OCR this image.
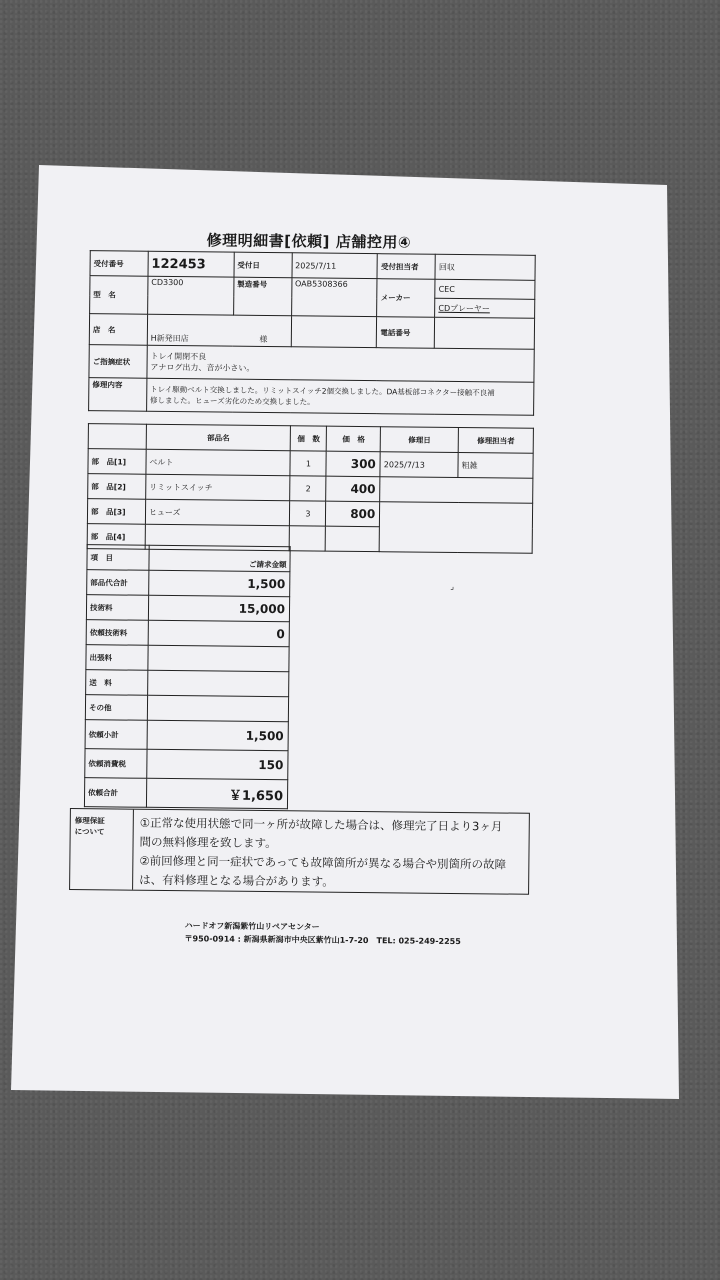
修理明細書[依頼] 店舗控用④
受付番号	122453	受付日	2025/7/11	受付担当者	回収
型　名	CD3300	製造番号	OAB5308366	メーカー	CEC
					CDプレーヤー
店　名	H新発田店 様			電話番号	
ご指摘症状	トレイ開閉不良
アナログ出力、音が小さい。				

修理内容	トレイ駆動ベルト交換しました。リミットスイッチ2個交換しました。DA基板部コネクター接触不良補
修しました。ヒューズ劣化のため交換しました。				
	部品名	個　数	価　格	修理日	修理担当者
部　品[1]	ベルト	1	300	2025/7/13	粗雑
部　品[2]	リミットスイッチ	2	400		
部　品[3]	ヒューズ	3	800		
部　品[4]					
項　目	ご請求金額
部品代合計	1,500
技術料	15,000
依頼技術料	0
出張料	
送　料	
その他	
依頼小計	1,500
依頼消費税	150
依頼合計	￥1,650
⌟
修理保証
について	①正常な使用状態で同一ヶ所が故障した場合は、修理完了日より3ヶ月
間の無料修理を致します。
②前回修理と同一症状であっても故障箇所が異なる場合や別箇所の故障
は、有料修理となる場合があります。
ハードオフ新潟紫竹山リペアセンター
〒950-0914 : 新潟県新潟市中央区紫竹山1-7-20　TEL: 025-249-2255
